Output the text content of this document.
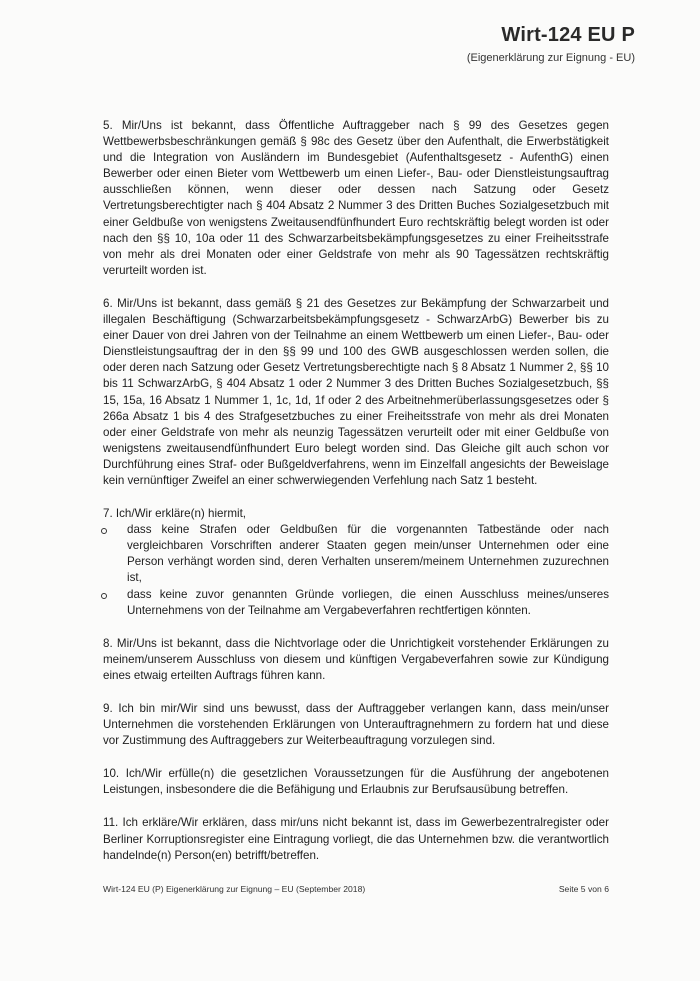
Wirt-124 EU P
(Eigenerklärung zur Eignung - EU)

5. Mir/Uns ist bekannt, dass Öffentliche Auftraggeber nach § 99 des Gesetzes gegen Wettbewerbsbeschränkungen gemäß § 98c des Gesetz über den Aufenthalt, die Erwerbstätigkeit und die Integration von Ausländern im Bundesgebiet (Aufenthaltsgesetz - AufenthG) einen Bewerber oder einen Bieter vom Wettbewerb um einen Liefer-, Bau- oder Dienstleistungsauftrag ausschließen können, wenn dieser oder dessen nach Satzung oder Gesetz Vertretungsberechtigter nach § 404 Absatz 2 Nummer 3 des Dritten Buches Sozialgesetzbuch mit einer Geldbuße von wenigstens Zweitausendfünfhundert Euro rechtskräftig belegt worden ist oder nach den §§ 10, 10a oder 11 des Schwarzarbeitsbekämpfungsgesetzes zu einer Freiheitsstrafe von mehr als drei Monaten oder einer Geldstrafe von mehr als 90 Tagessätzen rechtskräftig verurteilt worden ist.

6. Mir/Uns ist bekannt, dass gemäß § 21 des Gesetzes zur Bekämpfung der Schwarzarbeit und illegalen Beschäftigung (Schwarzarbeitsbekämpfungsgesetz - SchwarzArbG) Bewerber bis zu einer Dauer von drei Jahren von der Teilnahme an einem Wettbewerb um einen Liefer-, Bau- oder Dienstleistungsauftrag der in den §§ 99 und 100 des GWB ausgeschlossen werden sollen, die oder deren nach Satzung oder Gesetz Vertretungsberechtigte nach § 8 Absatz 1 Nummer 2, §§ 10 bis 11 SchwarzArbG, § 404 Absatz 1 oder 2 Nummer 3 des Dritten Buches Sozialgesetzbuch, §§ 15, 15a, 16 Absatz 1 Nummer 1, 1c, 1d, 1f oder 2 des Arbeitnehmerüberlassungsgesetzes oder § 266a Absatz 1 bis 4 des Strafgesetzbuches zu einer Freiheitsstrafe von mehr als drei Monaten oder einer Geldstrafe von mehr als neunzig Tagessätzen verurteilt oder mit einer Geldbuße von wenigstens zweitausendfünfhundert Euro belegt worden sind. Das Gleiche gilt auch schon vor Durchführung eines Straf- oder Bußgeldverfahrens, wenn im Einzelfall angesichts der Beweislage kein vernünftiger Zweifel an einer schwerwiegenden Verfehlung nach Satz 1 besteht.

7. Ich/Wir erkläre(n) hiermit,

dass keine Strafen oder Geldbußen für die vorgenannten Tatbestände oder nach vergleichbaren Vorschriften anderer Staaten gegen mein/unser Unternehmen oder eine Person verhängt worden sind, deren Verhalten unserem/meinem Unternehmen zuzurechnen ist,
dass keine zuvor genannten Gründe vorliegen, die einen Ausschluss meines/unseres Unternehmens von der Teilnahme am Vergabeverfahren rechtfertigen könnten.

8. Mir/Uns ist bekannt, dass die Nichtvorlage oder die Unrichtigkeit vorstehender Erklärungen zu meinem/unserem Ausschluss von diesem und künftigen Vergabeverfahren sowie zur Kündigung eines etwaig erteilten Auftrags führen kann.

9. Ich bin mir/Wir sind uns bewusst, dass der Auftraggeber verlangen kann, dass mein/unser Unternehmen die vorstehenden Erklärungen von Unterauftragnehmern zu fordern hat und diese vor Zustimmung des Auftraggebers zur Weiterbeauftragung vorzulegen sind.

10. Ich/Wir erfülle(n) die gesetzlichen Voraussetzungen für die Ausführung der angebotenen Leistungen, insbesondere die die Befähigung und Erlaubnis zur Berufsausübung betreffen.

11. Ich erkläre/Wir erklären, dass mir/uns nicht bekannt ist, dass im Gewerbezentralregister oder Berliner Korruptionsregister eine Eintragung vorliegt, die das Unternehmen bzw. die verantwortlich handelnde(n) Person(en) betrifft/betreffen.

Wirt-124 EU (P) Eigenerklärung zur Eignung – EU (September 2018)	Seite 5 von 6
